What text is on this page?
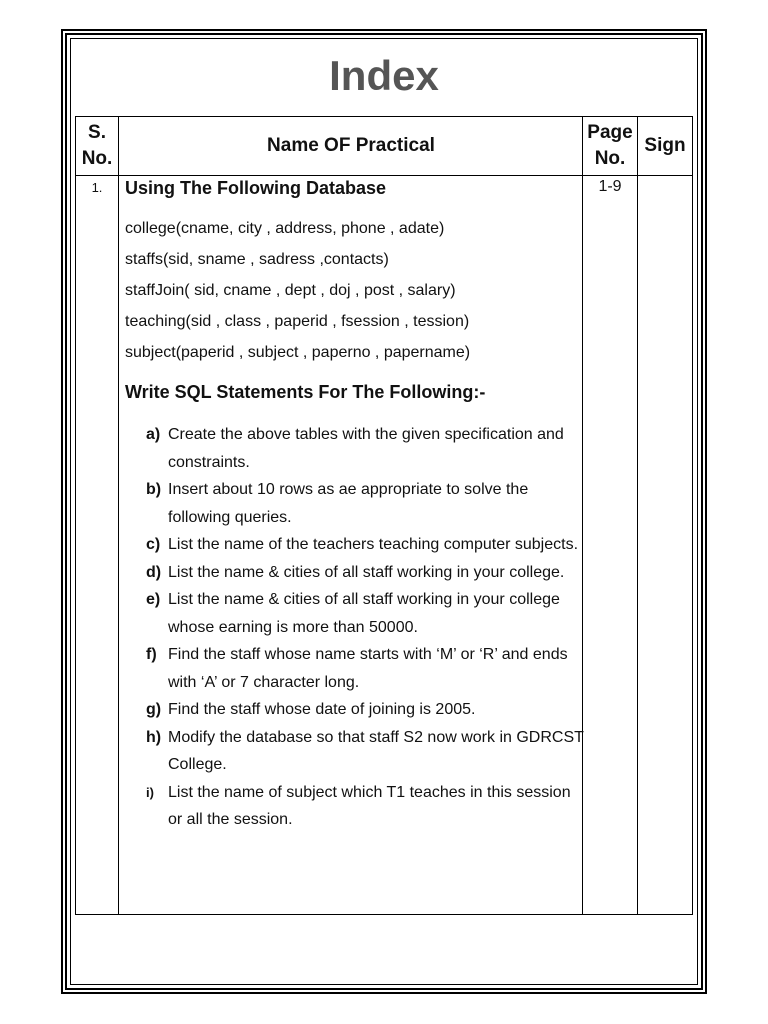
Index
S.
No.
Name OF Practical
Page
No.
Sign
1.	1-9
Using The Following Database
college(cname, city , address, phone , adate)
staffs(sid, sname , sadress ,contacts)
staffJoin( sid, cname , dept , doj , post , salary)
teaching(sid , class , paperid , fsession , tession)
subject(paperid , subject , paperno , papername)
Write SQL Statements For The Following:-
a) Create the above tables with the given specification and constraints.
b) Insert about 10 rows as ae appropriate to solve the following queries.
c) List the name of the teachers teaching computer subjects.
d) List the name & cities of all staff working in your college.
e) List the name & cities of all staff working in your college whose earning is more than 50000.
f) Find the staff whose name starts with ‘M’ or ‘R’ and ends with ‘A’ or 7 character long.
g) Find the staff whose date of joining is 2005.
h) Modify the database so that staff S2 now work in GDRCST College.
i) List the name of subject which T1 teaches in this session or all the session.
